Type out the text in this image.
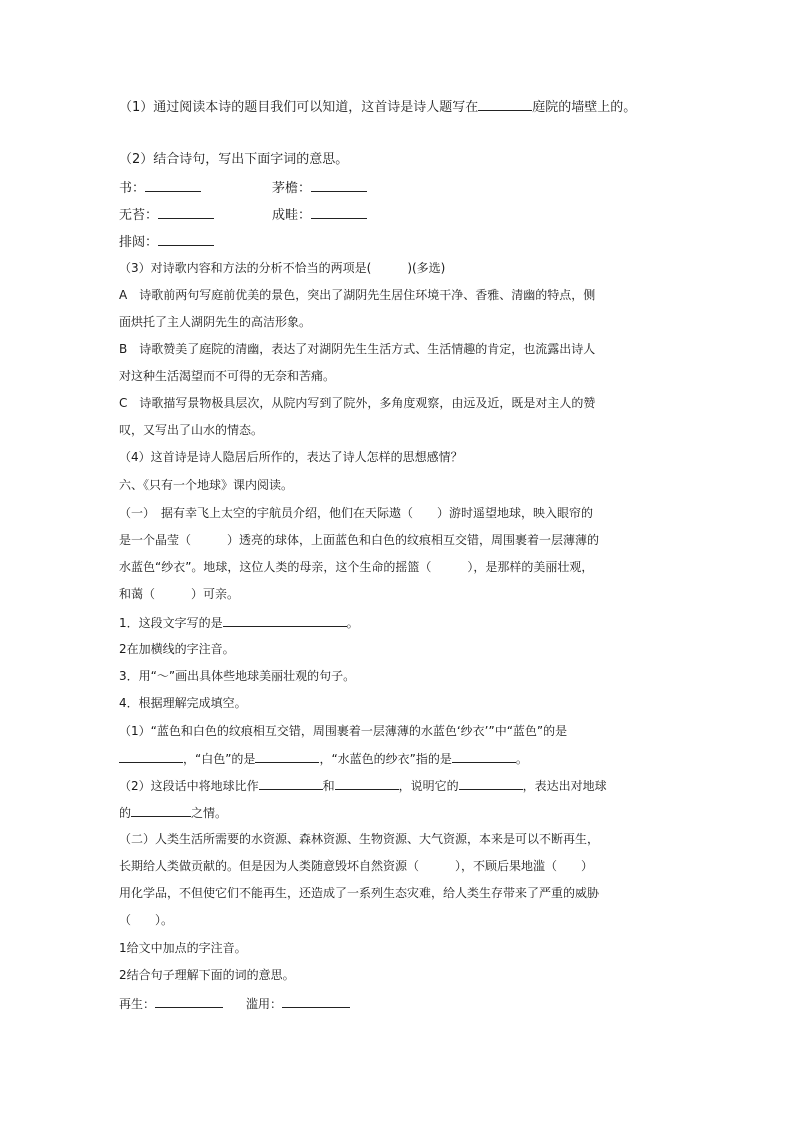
（1）通过阅读本诗的题目我们可以知道，这首诗是诗人题写在	庭院的墙壁上的。
（2）结合诗句，写出下面字词的意思。
书：	茅檐：
无苔：	成畦：
排闼：
（3）对诗歌内容和方法的分析不恰当的两项是(　　　)(多选)
A　诗歌前两句写庭前优美的景色，突出了湖阴先生居住环境干净、香雅、清幽的特点，侧
面烘托了主人湖阴先生的高洁形象。
B　诗歌赞美了庭院的清幽，表达了对湖阴先生生活方式、生活情趣的肯定，也流露出诗人
对这种生活渴望而不可得的无奈和苦痛。
C　诗歌描写景物极具层次，从院内写到了院外，多角度观察，由远及近，既是对主人的赞
叹，又写出了山水的情态。
（4）这首诗是诗人隐居后所作的，表达了诗人怎样的思想感情？
六、《只有一个地球》课内阅读。
（一）　据有幸飞上太空的宇航员介绍，他们在天际遨（　　）游时遥望地球，映入眼帘的
是一个晶莹（　　　）透亮的球体，上面蓝色和白色的纹痕相互交错，周围裹着一层薄薄的
水蓝色“纱衣”。地球，这位人类的母亲，这个生命的摇篮（　　　），是那样的美丽壮观，
和蔼（　　　）可亲。
1．这段文字写的是	。
2在加横线的字注音。
3．用“～”画出具体些地球美丽壮观的句子。
4．根据理解完成填空。
（1）“蓝色和白色的纹痕相互交错，周围裹着一层薄薄的水蓝色‘纱衣’”中“蓝色”的是
，“白色”的是	，“水蓝色的纱衣”指的是	。
（2）这段话中将地球比作	和	，说明它的	，表达出对地球
的	之情。
（二）人类生活所需要的水资源、森林资源、生物资源、大气资源，本来是可以不断再生，
长期给人类做贡献的。但是因为人类随意毁坏自然资源（　　　），不顾后果地滥（　　）
用化学品，不但使它们不能再生，还造成了一系列生态灾难，给人类生存带来了严重的威胁
（　　）。
1给文中加点的字注音。
2结合句子理解下面的词的意思。
再生：	滥用：
